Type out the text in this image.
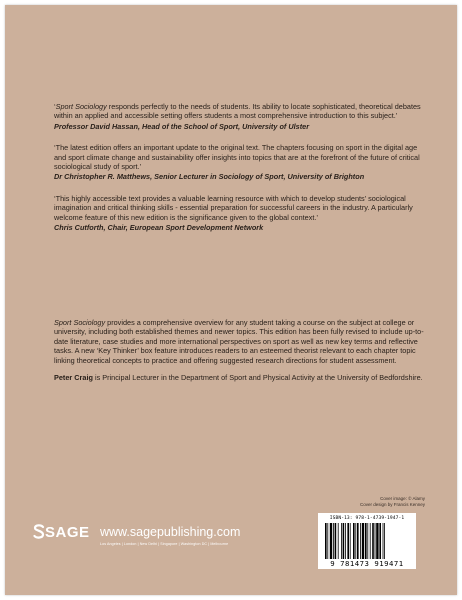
‘Sport Sociology responds perfectly to the needs of students. Its ability to locate sophisticated, theoretical debates within an applied and accessible setting offers students a most comprehensive introduction to this subject.’
Professor David Hassan, Head of the School of Sport, University of Ulster

‘The latest edition offers an important update to the original text. The chapters focusing on sport in the digital age and sport climate change and sustainability offer insights into topics that are at the forefront of the future of critical sociological study of sport.’
Dr Christopher R. Matthews, Senior Lecturer in Sociology of Sport, University of Brighton

‘This highly accessible text provides a valuable learning resource with which to develop students’ sociological imagination and critical thinking skills - essential preparation for successful careers in the industry. A particularly welcome feature of this new edition is the significance given to the global context.’
Chris Cutforth, Chair, European Sport Development Network

Sport Sociology provides a comprehensive overview for any student taking a course on the subject at college or university, including both established themes and newer topics. This edition has been fully revised to include up-to-date literature, case studies and more international perspectives on sport as well as new key terms and reflective tasks. A new ‘Key Thinker’ box feature introduces readers to an esteemed theorist relevant to each chapter topic linking theoretical concepts to practice and offering suggested research directions for student assessment.

Peter Craig is Principal Lecturer in the Department of Sport and Physical Activity at the University of Bedfordshire.

Cover image: © Alamy
Cover design by Francis Kenney
SAGE www.sagepublishing.com
Los Angeles | London | New Delhi | Singapore | Washington DC | Melbourne
ISBN-13: 978-1-4739-1947-1
9 781473 919471
